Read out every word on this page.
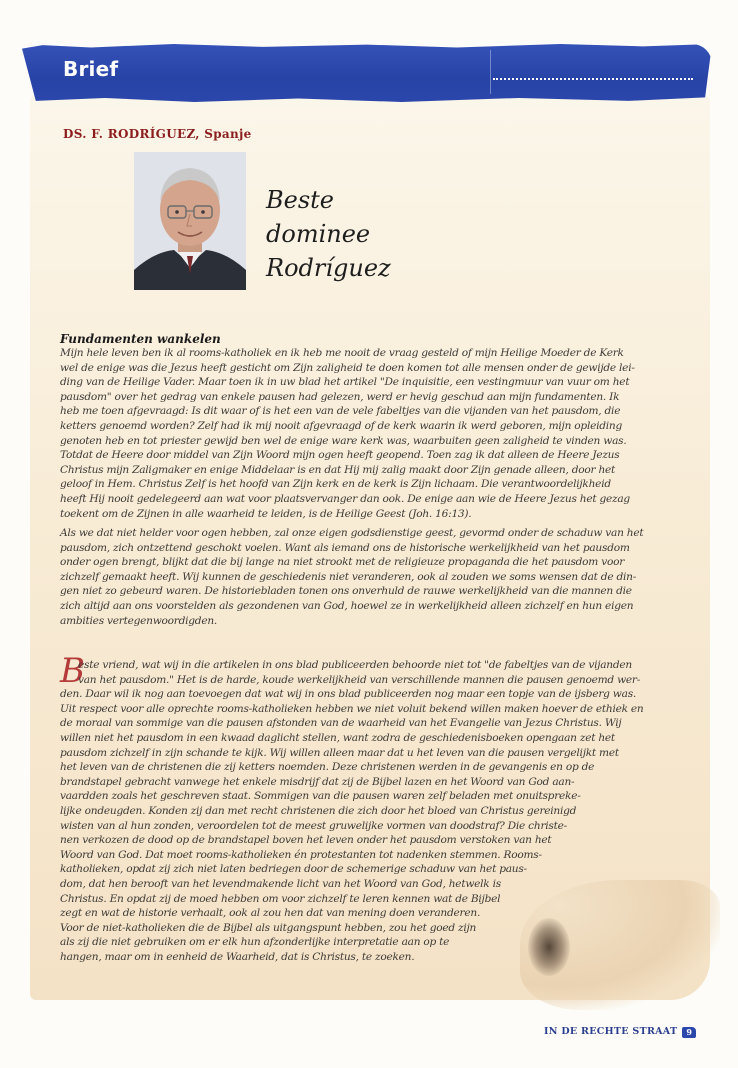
Brief
DS. F. RODRÍGUEZ, Spanje
Beste
dominee
Rodríguez
Fundamenten wankelen
Mijn hele leven ben ik al rooms-katholiek en ik heb me nooit de vraag gesteld of mijn Heilige Moeder de Kerk
wel de enige was die Jezus heeft gesticht om Zijn zaligheid te doen komen tot alle mensen onder de gewijde lei-
ding van de Heilige Vader. Maar toen ik in uw blad het artikel "De inquisitie, een vestingmuur van vuur om het
pausdom" over het gedrag van enkele pausen had gelezen, werd er hevig geschud aan mijn fundamenten. Ik
heb me toen afgevraagd: Is dit waar of is het een van de vele fabeltjes van die vijanden van het pausdom, die
ketters genoemd worden? Zelf had ik mij nooit afgevraagd of de kerk waarin ik werd geboren, mijn opleiding
genoten heb en tot priester gewijd ben wel de enige ware kerk was, waarbuiten geen zaligheid te vinden was.
Totdat de Heere door middel van Zijn Woord mijn ogen heeft geopend. Toen zag ik dat alleen de Heere Jezus
Christus mijn Zaligmaker en enige Middelaar is en dat Hij mij zalig maakt door Zijn genade alleen, door het
geloof in Hem. Christus Zelf is het hoofd van Zijn kerk en de kerk is Zijn lichaam. Die verantwoordelijkheid
heeft Hij nooit gedelegeerd aan wat voor plaatsvervanger dan ook. De enige aan wie de Heere Jezus het gezag
toekent om de Zijnen in alle waarheid te leiden, is de Heilige Geest (Joh. 16:13).
Als we dat niet helder voor ogen hebben, zal onze eigen godsdienstige geest, gevormd onder de schaduw van het
pausdom, zich ontzettend geschokt voelen. Want als iemand ons de historische werkelijkheid van het pausdom
onder ogen brengt, blijkt dat die bij lange na niet strookt met de religieuze propaganda die het pausdom voor
zichzelf gemaakt heeft. Wij kunnen de geschiedenis niet veranderen, ook al zouden we soms wensen dat de din-
gen niet zo gebeurd waren. De historiebladen tonen ons onverhuld de rauwe werkelijkheid van die mannen die
zich altijd aan ons voorstelden als gezondenen van God, hoewel ze in werkelijkheid alleen zichzelf en hun eigen
ambities vertegenwoordigden.
B
este vriend, wat wij in die artikelen in ons blad publiceerden behoorde niet tot "de fabeltjes van de vijanden
van het pausdom." Het is de harde, koude werkelijkheid van verschillende mannen die pausen genoemd wer-
den. Daar wil ik nog aan toevoegen dat wat wij in ons blad publiceerden nog maar een topje van de ijsberg was.
Uit respect voor alle oprechte rooms-katholieken hebben we niet voluit bekend willen maken hoever de ethiek en
de moraal van sommige van die pausen afstonden van de waarheid van het Evangelie van Jezus Christus. Wij
willen niet het pausdom in een kwaad daglicht stellen, want zodra de geschiedenisboeken opengaan zet het
pausdom zichzelf in zijn schande te kijk. Wij willen alleen maar dat u het leven van die pausen vergelijkt met
het leven van de christenen die zij ketters noemden. Deze christenen werden in de gevangenis en op de
brandstapel gebracht vanwege het enkele misdrijf dat zij de Bijbel lazen en het Woord van God aan-
vaardden zoals het geschreven staat. Sommigen van die pausen waren zelf beladen met onuitspreke-
lijke ondeugden. Konden zij dan met recht christenen die zich door het bloed van Christus gereinigd
wisten van al hun zonden, veroordelen tot de meest gruwelijke vormen van doodstraf? Die christe-
nen verkozen de dood op de brandstapel boven het leven onder het pausdom verstoken van het
Woord van God. Dat moet rooms-katholieken én protestanten tot nadenken stemmen. Rooms-
katholieken, opdat zij zich niet laten bedriegen door de schemerige schaduw van het paus-
dom, dat hen berooft van het levendmakende licht van het Woord van God, hetwelk is
Christus. En opdat zij de moed hebben om voor zichzelf te leren kennen wat de Bijbel
zegt en wat de historie verhaalt, ook al zou hen dat van mening doen veranderen.
Voor de niet-katholieken die de Bijbel als uitgangspunt hebben, zou het goed zijn
als zij die niet gebruiken om er elk hun afzonderlijke interpretatie aan op te
hangen, maar om in eenheid de Waarheid, dat is Christus, te zoeken.
IN DE RECHTE STRAAT 9
